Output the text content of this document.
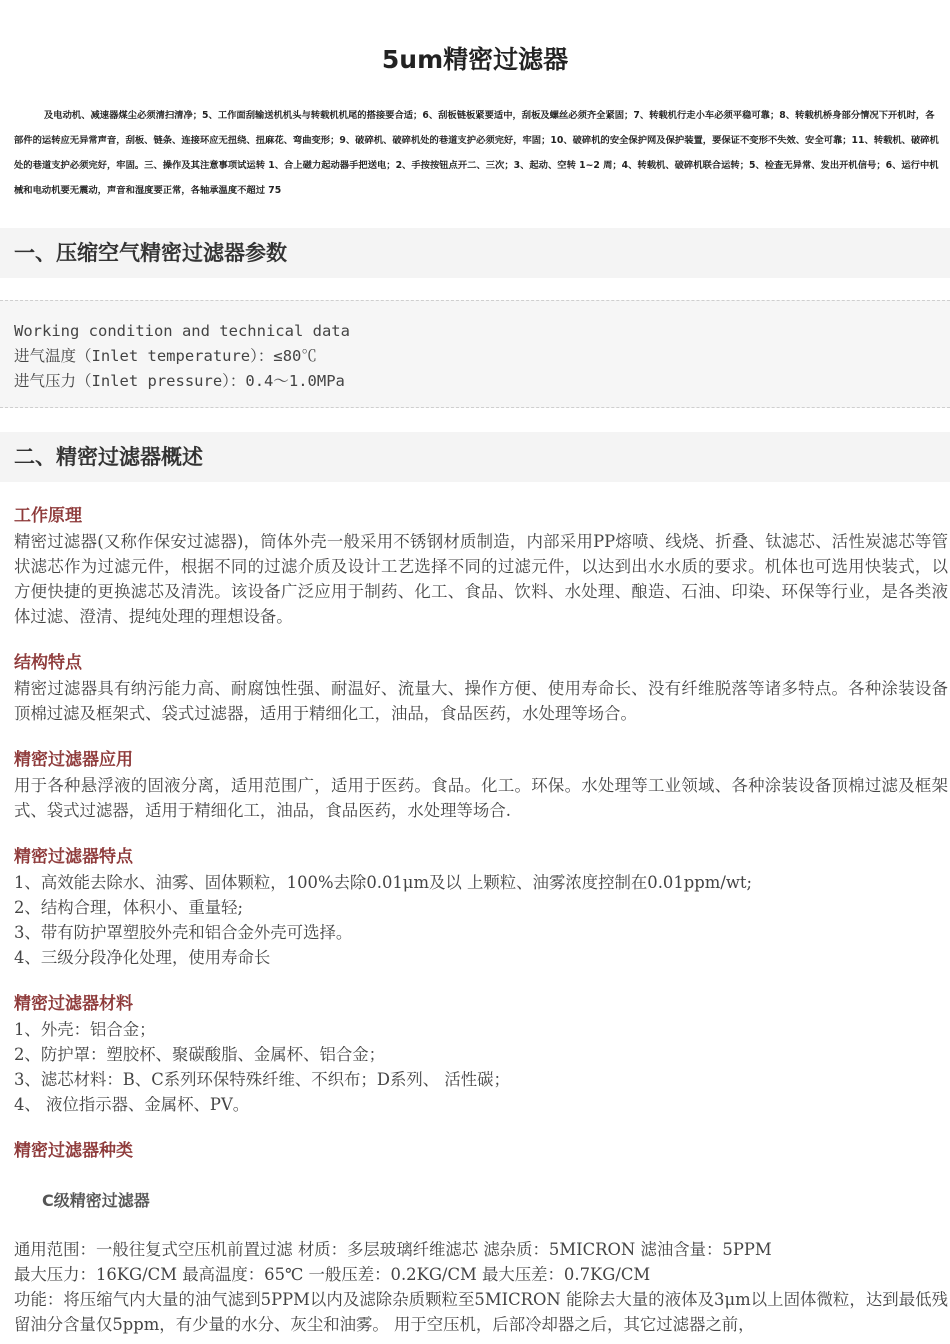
5um精密过滤器

及电动机、减速器煤尘必须清扫清净；5、工作面刮输送机机头与转载机机尾的搭接要合适；6、刮板链板紧要适中，刮板及螺丝必须齐全紧固；7、转载机行走小车必须平稳可靠；8、转载机桥身部分情况下开机时，各部件的运转应无异常声音，刮板、链条、连接环应无扭绕、扭麻花、弯曲变形；9、破碎机、破碎机处的巷道支护必须完好，牢固；10、破碎机的安全保护网及保护装置，要保证不变形不失效、安全可靠；11、转载机、破碎机处的巷道支护必须完好，牢固。三、操作及其注意事项试运转 1、合上磁力起动器手把送电；2、手按按钮点开二、三次；3、起动、空转 1~2 周；4、转载机、破碎机联合运转；5、检查无异常、发出开机信号；6、运行中机械和电动机要无震动，声音和湿度要正常，各轴承温度不超过 75

一、压缩空气精密过滤器参数
Working condition and technical data
进气温度（Inlet temperature）：≤80℃
进气压力（Inlet pressure）：0.4～1.0MPa
二、精密过滤器概述
工作原理

精密过滤器(又称作保安过滤器)，筒体外壳一般采用不锈钢材质制造，内部采用PP熔喷、线烧、折叠、钛滤芯、活性炭滤芯等管状滤芯作为过滤元件，根据不同的过滤介质及设计工艺选择不同的过滤元件，以达到出水水质的要求。机体也可选用快装式，以方便快捷的更换滤芯及清洗。该设备广泛应用于制药、化工、食品、饮料、水处理、酿造、石油、印染、环保等行业，是各类液体过滤、澄清、提纯处理的理想设备。

结构特点

精密过滤器具有纳污能力高、耐腐蚀性强、耐温好、流量大、操作方便、使用寿命长、没有纤维脱落等诸多特点。各种涂装设备顶棉过滤及框架式、袋式过滤器，适用于精细化工，油品，食品医药，水处理等场合。

精密过滤器应用

用于各种悬浮液的固液分离，适用范围广，适用于医药。食品。化工。环保。水处理等工业领域、各种涂装设备顶棉过滤及框架式、袋式过滤器，适用于精细化工，油品，食品医药，水处理等场合.

精密过滤器特点
1、高效能去除水、油雾、固体颗粒，100%去除0.01μm及以 上颗粒、油雾浓度控制在0.01ppm/wt;
2、结构合理，体积小、重量轻;
3、带有防护罩塑胶外壳和铝合金外壳可选择。
4、三级分段净化处理，使用寿命长
精密过滤器材料
1、外壳：铝合金；
2、防护罩：塑胶杯、聚碳酸脂、金属杯、铝合金；
3、滤芯材料：B、C系列环保特殊纤维、不织布；D系列、 活性碳；
4、 液位指示器、金属杯、PV。
精密过滤器种类
C级精密过滤器
通用范围：一般往复式空压机前置过滤 材质：多层玻璃纤维滤芯 滤杂质：5MICRON 滤油含量：5PPM
最大压力：16KG/CM 最高温度：65℃ 一般压差：0.2KG/CM 最大压差：0.7KG/CM

功能：将压缩气内大量的油气滤到5PPM以内及滤除杂质颗粒至5MICRON 能除去大量的液体及3μm以上固体微粒，达到最低残留油分含量仅5ppm，有少量的水分、灰尘和油雾。 用于空压机，后部冷却器之后，其它过滤器之前，
